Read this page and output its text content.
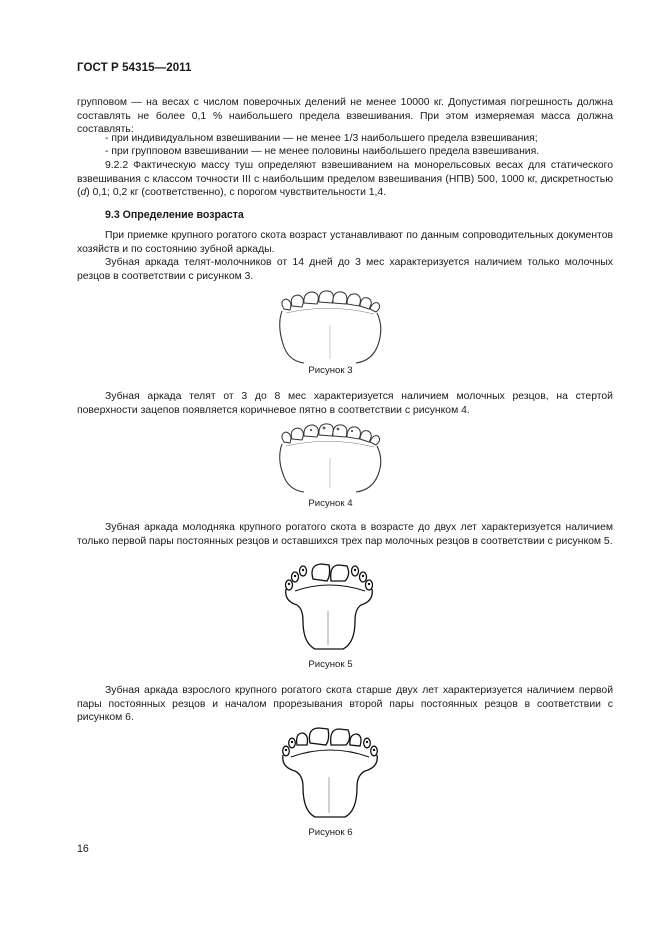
ГОСТ Р 54315—2011

групповом — на весах с числом поверочных делений не менее 10000 кг. Допустимая погрешность должна составлять не более 0,1 % наибольшего предела взвешивания. При этом измеряемая масса должна составлять:

- при индивидуальном взвешивании — не менее 1/3 наибольшего предела взвешивания;

- при групповом взвешивании — не менее половины наибольшего предела взвешивания.

9.2.2 Фактическую массу туш определяют взвешиванием на монорельсовых весах для статического взвешивания с классом точности III с наибольшим пределом взвешивания (НПВ) 500, 1000 кг, дискретностью (d) 0,1; 0,2 кг (соответственно), с порогом чувствительности 1,4.

9.3 Определение возраста

При приемке крупного рогатого скота возраст устанавливают по данным сопроводительных документов хозяйств и по состоянию зубной аркады.

Зубная аркада телят-молочников от 14 дней до 3 мес характеризуется наличием только молочных резцов в соответствии с рисунком 3.

Рисунок 3

Зубная аркада телят от 3 до 8 мес характеризуется наличием молочных резцов, на стертой поверхности зацепов появляется коричневое пятно в соответствии с рисунком 4.

Рисунок 4

Зубная аркада молодняка крупного рогатого скота в возрасте до двух лет характеризуется наличием только первой пары постоянных резцов и оставшихся трех пар молочных резцов в соответствии с рисунком 5.

Рисунок 5

Зубная аркада взрослого крупного рогатого скота старше двух лет характеризуется наличием первой пары постоянных резцов и началом прорезывания второй пары постоянных резцов в соответствии с рисунком 6.

Рисунок 6
16
